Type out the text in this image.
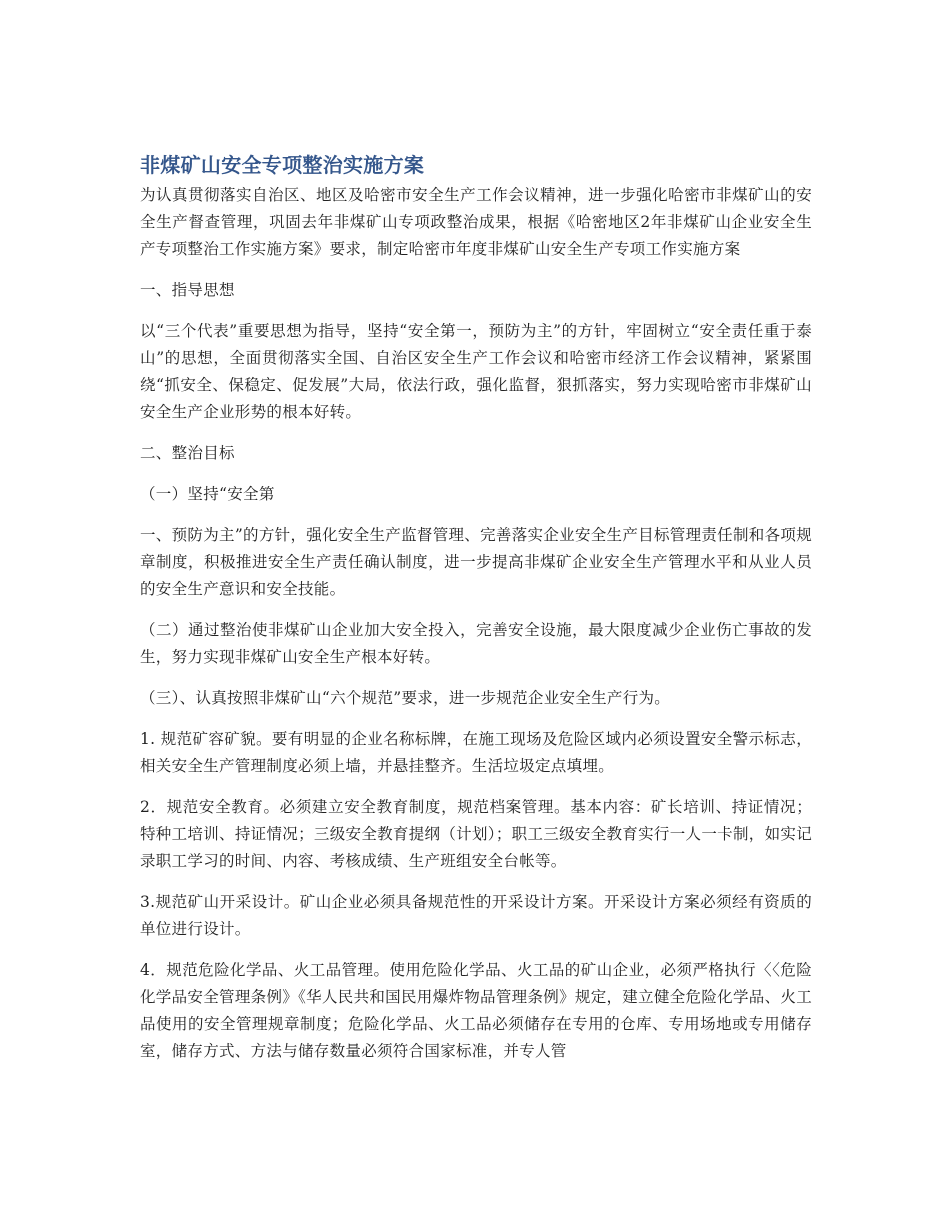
非煤矿山安全专项整治实施方案

为认真贯彻落实自治区、地区及哈密市安全生产工作会议精神，进一步强化哈密市非煤矿山的安全生产督查管理，巩固去年非煤矿山专项政整治成果，根据《哈密地区2年非煤矿山企业安全生产专项整治工作实施方案》要求，制定哈密市年度非煤矿山安全生产专项工作实施方案

一、指导思想

以“三个代表”重要思想为指导，坚持“安全第一，预防为主”的方针，牢固树立“安全责任重于泰山”的思想，全面贯彻落实全国、自治区安全生产工作会议和哈密市经济工作会议精神，紧紧围绕“抓安全、保稳定、促发展”大局，依法行政，强化监督，狠抓落实，努力实现哈密市非煤矿山安全生产企业形势的根本好转。

二、整治目标

（一）坚持“安全第

一、预防为主”的方针，强化安全生产监督管理、完善落实企业安全生产目标管理责任制和各项规章制度，积极推进安全生产责任确认制度，进一步提高非煤矿企业安全生产管理水平和从业人员的安全生产意识和安全技能。

（二）通过整治使非煤矿山企业加大安全投入，完善安全设施，最大限度减少企业伤亡事故的发生，努力实现非煤矿山安全生产根本好转。

（三）、认真按照非煤矿山“六个规范”要求，进一步规范企业安全生产行为。

1. 规范矿容矿貌。要有明显的企业名称标牌，在施工现场及危险区域内必须设置安全警示标志，相关安全生产管理制度必须上墙，并悬挂整齐。生活垃圾定点填埋。

2．规范安全教育。必须建立安全教育制度，规范档案管理。基本内容：矿长培训、持证情况；特种工培训、持证情况；三级安全教育提纲（计划）；职工三级安全教育实行一人一卡制，如实记录职工学习的时间、内容、考核成绩、生产班组安全台帐等。

3.规范矿山开采设计。矿山企业必须具备规范性的开采设计方案。开采设计方案必须经有资质的单位进行设计。

4．规范危险化学品、火工品管理。使用危险化学品、火工品的矿山企业，必须严格执行〈〈危险化学品安全管理条例》《华人民共和国民用爆炸物品管理条例》规定，建立健全危险化学品、火工品使用的安全管理规章制度；危险化学品、火工品必须储存在专用的仓库、专用场地或专用储存室，储存方式、方法与储存数量必须符合国家标准，并专人管
